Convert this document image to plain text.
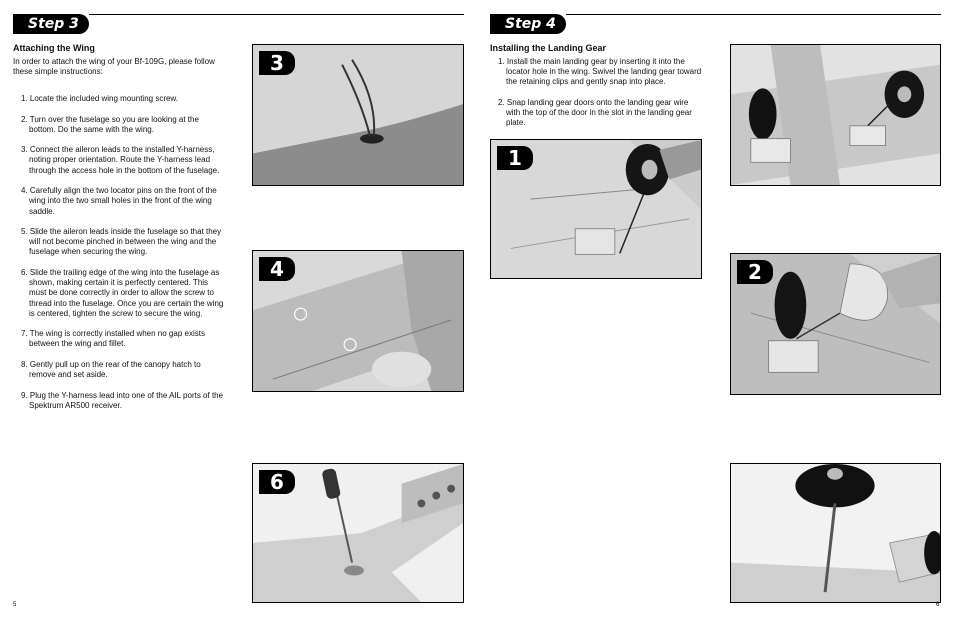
Step 3
Attaching the Wing
In order to attach the wing of your Bf-109G, please follow these simple instructions:
1. Locate the included wing mounting screw.
2. Turn over the fuselage so you are looking at the bottom. Do the same with the wing.
3. Connect the aileron leads to the installed Y-harness, noting proper orientation. Route the Y-harness lead through the access hole in the bottom of the fuselage.
4. Carefully align the two locator pins on the front of the wing into the two small holes in the front of the wing saddle.
5. Slide the aileron leads inside the fuselage so that they will not become pinched in between the wing and the fuselage when securing the wing.
6. Slide the trailing edge of the wing into the fuselage as shown, making certain it is perfectly centered. This must be done correctly in order to allow the screw to thread into the fuselage. Once you are certain the wing is centered, tighten the screw to secure the wing.
7. The wing is correctly installed when no gap exists between the wing and fillet.
8. Gently pull up on the rear of the canopy hatch to remove and set aside.
9. Plug the Y-harness lead into one of the AIL ports of the Spektrum AR500 receiver.
3
4
6
5
Step 4
Installing the Landing Gear
1. Install the main landing gear by inserting it into the locator hole in the wing. Swivel the landing gear toward the retaining clips and gently snap into place.
2. Snap landing gear doors onto the landing gear wire with the top of the door in the slot in the landing gear plate.
1
2
6
